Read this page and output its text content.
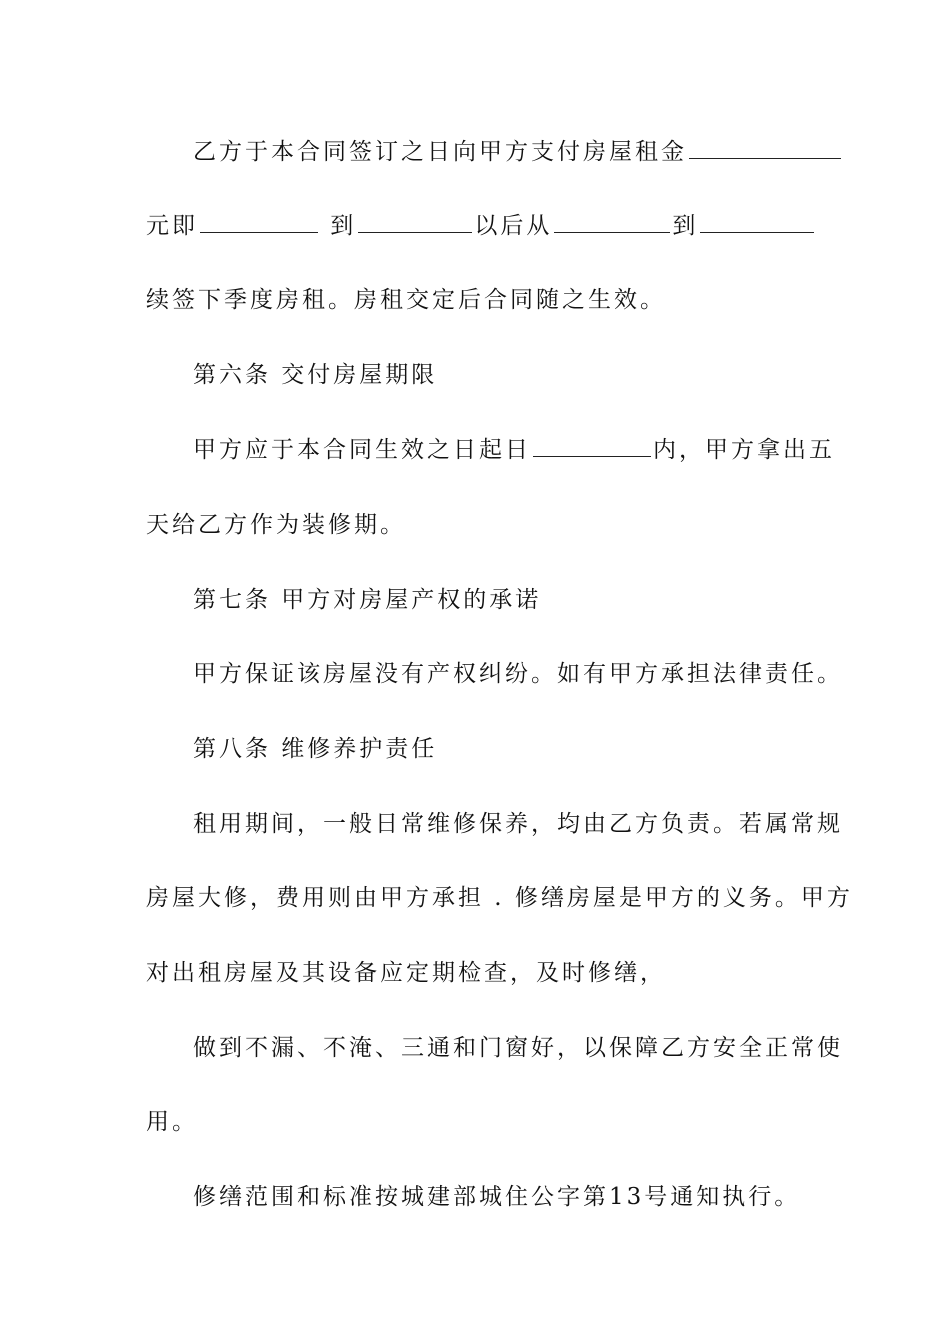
乙方于本合同签订之日向甲方支付房屋租金
元即	到	以后从	到
续签下季度房租。房租交定后合同随之生效。
第六条 交付房屋期限
甲方应于本合同生效之日起日	内，甲方拿出五
天给乙方作为装修期。
第七条 甲方对房屋产权的承诺
甲方保证该房屋没有产权纠纷。如有甲方承担法律责任。
第八条 维修养护责任
租用期间，一般日常维修保养，均由乙方负责。若属常规
房屋大修，费用则由甲方承担 . 修缮房屋是甲方的义务。甲方
对出租房屋及其设备应定期检查，及时修缮，
做到不漏、不淹、三通和门窗好，以保障乙方安全正常使
用。
修缮范围和标准按城建部城住公字第13号通知执行。
